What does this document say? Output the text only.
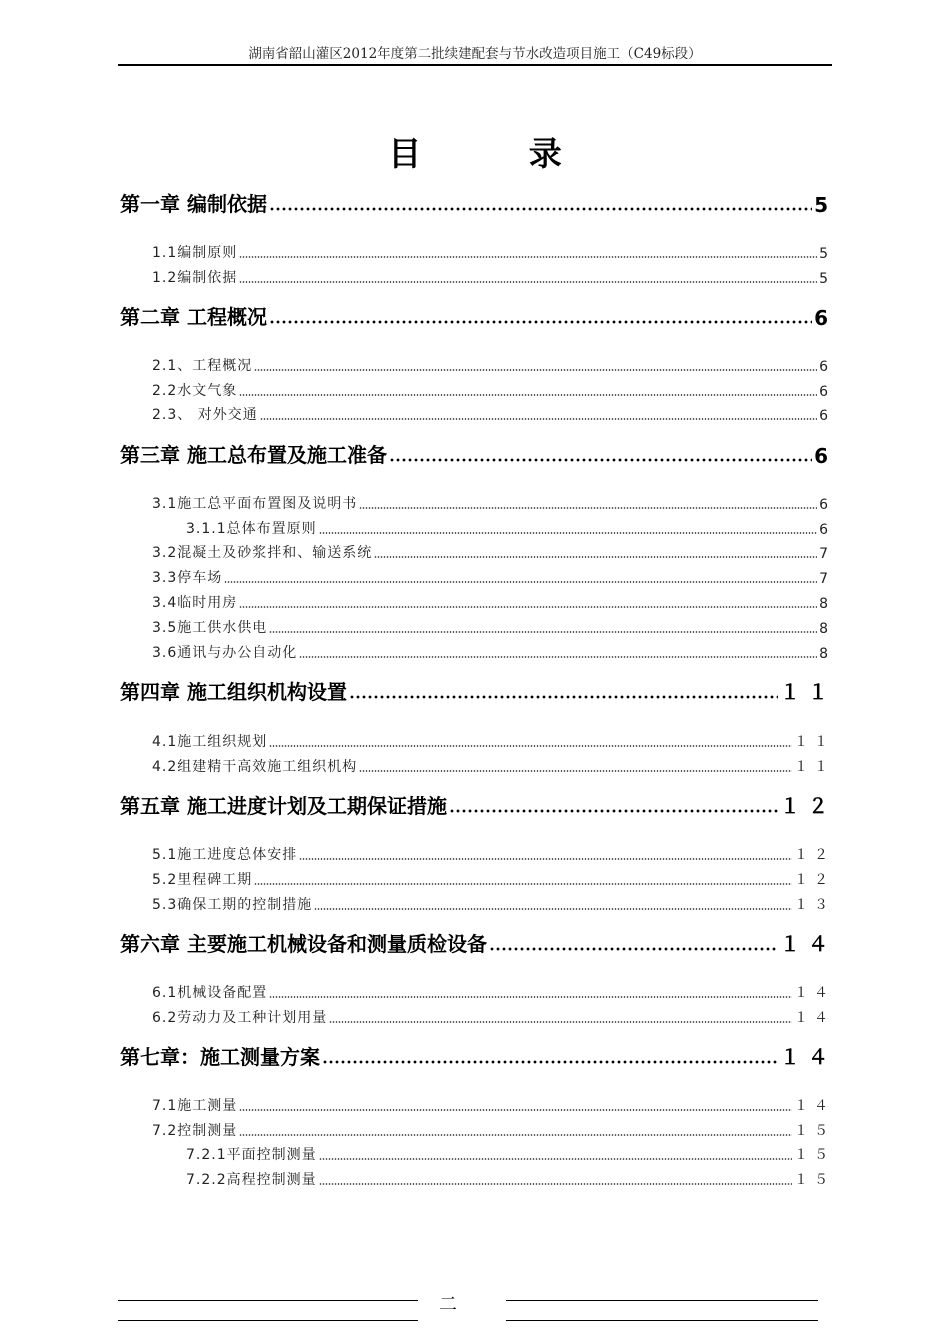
湖南省韶山灌区2012年度第二批续建配套与节水改造项目施工（C49标段）
目 录
第一章 编制依据	5
1.1编制原则	5
1.2编制依据	5
第二章 工程概况	6
2.1、工程概况	6
2.2水文气象	6
2.3、 对外交通	6
第三章 施工总布置及施工准备	6
3.1施工总平面布置图及说明书	6
3.1.1总体布置原则	6
3.2混凝土及砂浆拌和、输送系统	7
3.3停车场	7
3.4临时用房	8
3.5施工供水供电	8
3.6通讯与办公自动化	8
第四章 施工组织机构设置	１１
4.1施工组织规划	１１
4.2组建精干高效施工组织机构	１１
第五章 施工进度计划及工期保证措施	１２
5.1施工进度总体安排	１２
5.2里程碑工期	１２
5.3确保工期的控制措施	１３
第六章 主要施工机械设备和测量质检设备	１４
6.1机械设备配置	１４
6.2劳动力及工种计划用量	１４
第七章：施工测量方案	１４
7.1施工测量	１４
7.2控制测量	１５
7.2.1平面控制测量	１５
7.2.2高程控制测量	１５
二
